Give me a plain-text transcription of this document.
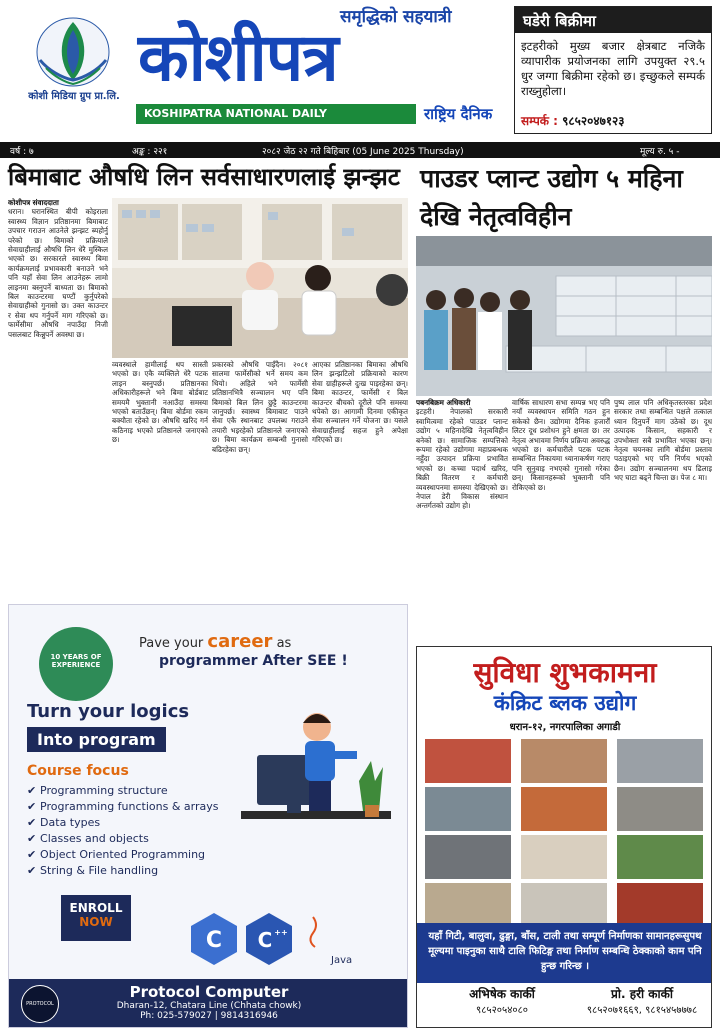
कोशी मिडिया ग्रुप प्रा.लि.
समृद्धिको सहयात्री
कोशीपत्र
KOSHIPATRA NATIONAL DAILY	राष्ट्रिय दैनिक
घडेरी बिक्रीमा
इटहरीको मुख्य बजार क्षेत्रबाट नजिकै व्यापारीक प्रयोजनका लागि उपयुक्त २९.५ धुर जग्गा बिक्रीमा रहेको छ। इच्छुकले सम्पर्क राख्नुहोला।
सम्पर्क : ९८५२०४७१२३
वर्ष : ७	अङ्क : २२१	२०८२ जेठ २२ गते बिहिबार (05 June 2025 Thursday)	मूल्य रु. ५ -
बिमाबाट औषधि लिन सर्वसाधारणलाई झन्झट
कोशीपत्र संवाददाता
धरान। घरानस्थित बीपी कोइराला स्वास्थ्य विज्ञान प्रतिष्ठानमा बिमाबाट उपचार गराउन आउनेले झन्झट ब्यहोर्नु परेको छ। बिमाको प्रक्रियाले सेवाग्राहीलाई औषधि लिन धेरै मुस्किल भएको छ। सरकारले स्वास्थ्य बिमा कार्यक्रमलाई प्रभावकारी बनाउने भने पनि यहाँ सेवा लिन आउनेहरू लामो लाइनमा बस्नुपर्ने बाध्यता छ। बिमाको बिल काउन्टरमा घण्टौं कुर्नुपरेको सेवाग्राहीको गुनासो छ। उक्त काउन्टर र सेवा थप गर्नुपर्ने माग गरिएको छ। फार्मेसीमा औषधि नपाउँदा निजी पसलबाट किन्नुपर्ने अवस्था छ।
व्यवस्थाले हामीलाई थप सास्ती भएको छ। एकै व्यक्तिले धेरै पटक लाइन बस्नुपर्छ। प्रतिष्ठानका अधिकारीहरूले भने बिमा बोर्डबाट समयमै भुक्तानी नआउँदा समस्या भएको बताउँछन्। बिमा बोर्डमा रकम बक्यौता रहेको छ। औषधि खरिद गर्न कठिनाइ भएको प्रतिष्ठानले जनाएको छ।
प्रकारको औषधि पाइँदैन। २०८१ सालमा फार्मेसीको भर्ने समय कम थियो। अहिले भने फार्मेसी प्रतिष्ठानभित्रै सञ्चालन भए पनि बिमाको बिल लिन छुट्टै काउन्टरमा जानुपर्छ। स्वास्थ्य बिमाबाट पाउने सेवा एकै स्थानबाट उपलब्ध गराउने तयारी भइरहेको प्रतिष्ठानले जनाएको छ। बिमा कार्यक्रम सम्बन्धी गुनासो बढिरहेका छन्।
आएका प्रतिष्ठानका बिमाका औषधि लिन झन्झटिलो प्रक्रियाको कारण सेवा ग्राहीहरूले दुःख पाइरहेका छन्। बिमा काउन्टर, फार्मेसी र बिल काउन्टर बीचको दूरीले पनि समस्या थपेको छ। आगामी दिनमा एकीकृत सेवा सञ्चालन गर्ने योजना छ। यसले सेवाग्राहीलाई सहज हुने अपेक्षा गरिएको छ।
पाउडर प्लान्ट उद्योग ५ महिना देखि नेतृत्वविहीन
पबनबिक्रम अधिकारी
इटहरी। नेपालको सरकारी स्वामित्वमा रहेको पाउडर प्लान्ट उद्योग ५ महिनादेखि नेतृत्वविहीन बनेको छ। सामाजिक सम्पत्तिको रूपमा रहेको उद्योगमा महाप्रबन्धक नहुँदा उत्पादन प्रक्रिया प्रभावित भएको छ। कच्चा पदार्थ खरिद, बिक्री वितरण र कर्मचारी व्यवस्थापनमा समस्या देखिएको छ। नेपाल डेरी विकास संस्थान अन्तर्गतको उद्योग हो।
वार्षिक साधारण सभा सम्पन्न भए पनि नयाँ व्यवस्थापन समिति गठन हुन सकेको छैन। उद्योगमा दैनिक हजारौँ लिटर दूध प्रशोधन हुने क्षमता छ। तर नेतृत्व अभावमा निर्णय प्रक्रिया अवरुद्ध भएको छ। कर्मचारीले पटक पटक सम्बन्धित निकायमा ध्यानाकर्षण गराए पनि सुनुवाइ नभएको गुनासो गरेका छन्। किसानहरूको भुक्तानी पनि रोकिएको छ।
पुष्प लाल पनि अधिकृतस्तरका प्रदेश सरकार तथा सम्बन्धित पक्षले तत्काल ध्यान दिनुपर्ने माग उठेको छ। दूध उत्पादक किसान, सहकारी र उपभोक्ता सबै प्रभावित भएका छन्। नेतृत्व चयनका लागि बोर्डमा प्रस्ताव पठाइएको भए पनि निर्णय भएको छैन। उद्योग सञ्चालनमा थप ढिलाइ भए घाटा बढ्ने चिन्ता छ। पेज ८ मा।
10 YEARS OF EXPERIENCE
Pave your career as
programmer After SEE !
Turn your logics
Into program
Course focus
✔ Programming structure
✔ Programming functions & arrays
✔ Data types
✔ Classes and objects
✔ Object Oriented Programming
✔ String & File handling
ENROLL
NOW
C C ++
Java
Protocol Computer
Dharan-12, Chatara Line (Chhata chowk)
Ph: 025-579027 | 9814316946
PROTOCOL
सुविधा शुभकामना
कंक्रिट ब्लक उद्योग
धरान-१२, नगरपालिका अगाडी
यहाँ गिटी, बालुवा, ढुङ्गा, बाँस, टाली तथा सम्पूर्ण निर्माणका सामानहरूसुपथ मूल्यमा पाइनुका साथै टालि फिटिङ्ग तथा निर्माण सम्बन्धि ठेक्काको काम पनि हुन्छ गरिन्छ ।
अभिषेक कार्की
९८५२०५४०८०
प्रो. हरी कार्की
९८५२०७१६६९, ९८१५४५७७७८
